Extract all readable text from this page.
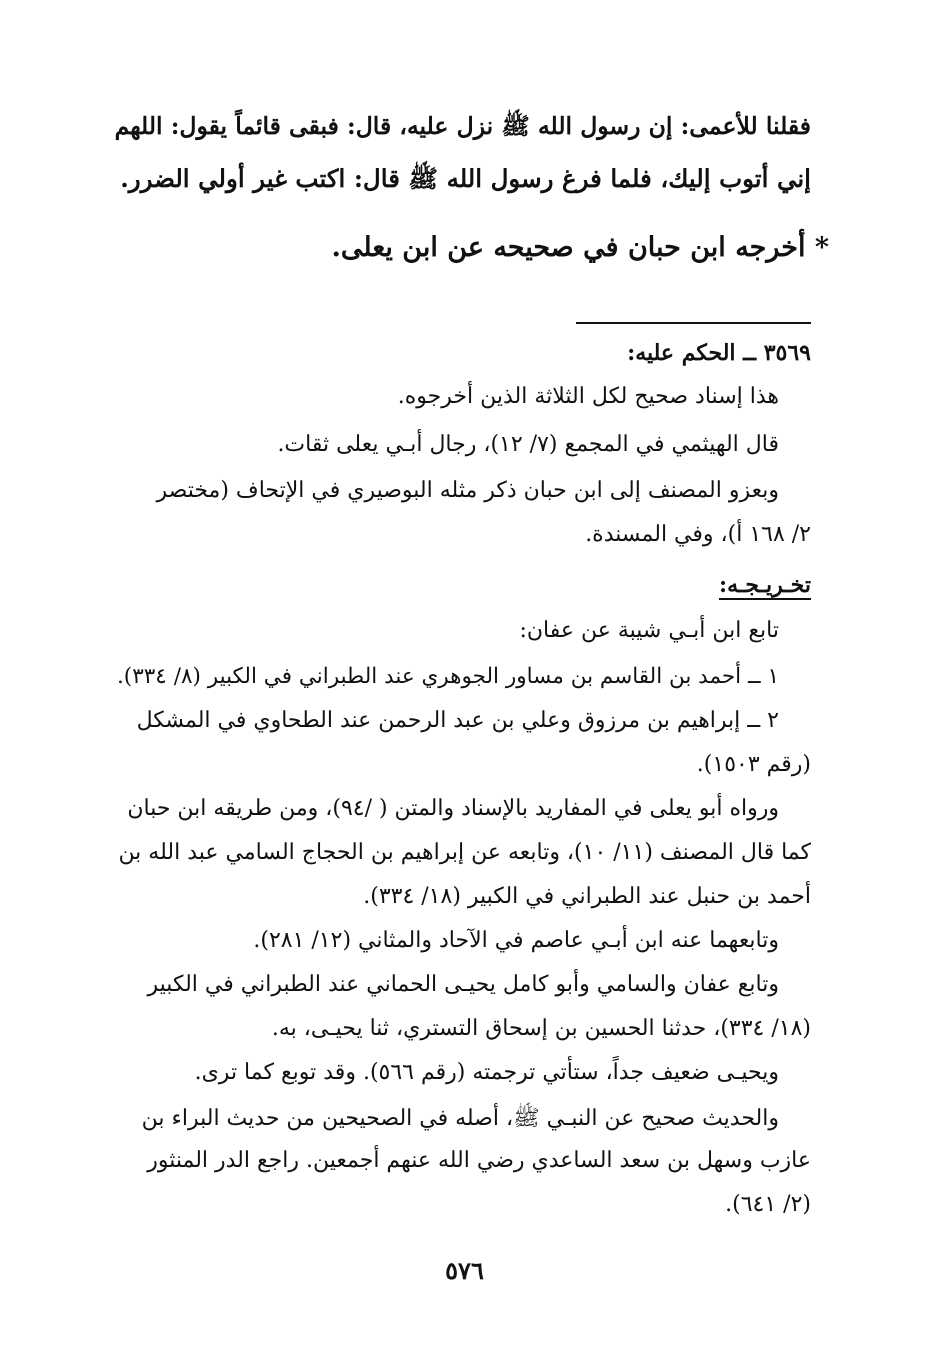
فقلنا للأعمى: إن رسول الله ﷺ نزل عليه، قال: فبقى قائماً يقول: اللهم
إني أتوب إليك، فلما فرغ رسول الله ﷺ قال: اكتب غير أولي الضرر.
* أخرجه ابن حبان في صحيحه عن ابن يعلى.
٣٥٦٩ ــ الحكم عليه:
هذا إسناد صحيح لكل الثلاثة الذين أخرجوه.
قال الهيثمي في المجمع (٧/ ١٢)، رجال أبـي يعلى ثقات.
وبعزو المصنف إلى ابن حبان ذكر مثله البوصيري في الإتحاف (مختصر
٢/ ١٦٨ أ)، وفي المسندة.
تخـريـجـه:
تابع ابن أبـي شيبة عن عفان:
١ ــ أحمد بن القاسم بن مساور الجوهري عند الطبراني في الكبير (٨/ ٣٣٤).
٢ ــ إبراهيم بن مرزوق وعلي بن عبد الرحمن عند الطحاوي في المشكل
(رقم ١٥٠٣).
ورواه أبو يعلى في المفاريد بالإسناد والمتن ( /٩٤)، ومن طريقه ابن حبان
كما قال المصنف (١١/ ١٠)، وتابعه عن إبراهيم بن الحجاج السامي عبد الله بن
أحمد بن حنبل عند الطبراني في الكبير (١٨/ ٣٣٤).
وتابعهما عنه ابن أبـي عاصم في الآحاد والمثاني (١٢/ ٢٨١).
وتابع عفان والسامي وأبو كامل يحيـى الحماني عند الطبراني في الكبير
(١٨/ ٣٣٤)، حدثنا الحسين بن إسحاق التستري، ثنا يحيـى، به.
ويحيـى ضعيف جداً، ستأتي ترجمته (رقم ٥٦٦). وقد توبع كما ترى.
والحديث صحيح عن النبـي ﷺ، أصله في الصحيحين من حديث البراء بن
عازب وسهل بن سعد الساعدي رضي الله عنهم أجمعين. راجع الدر المنثور
(٢/ ٦٤١).
٥٧٦
